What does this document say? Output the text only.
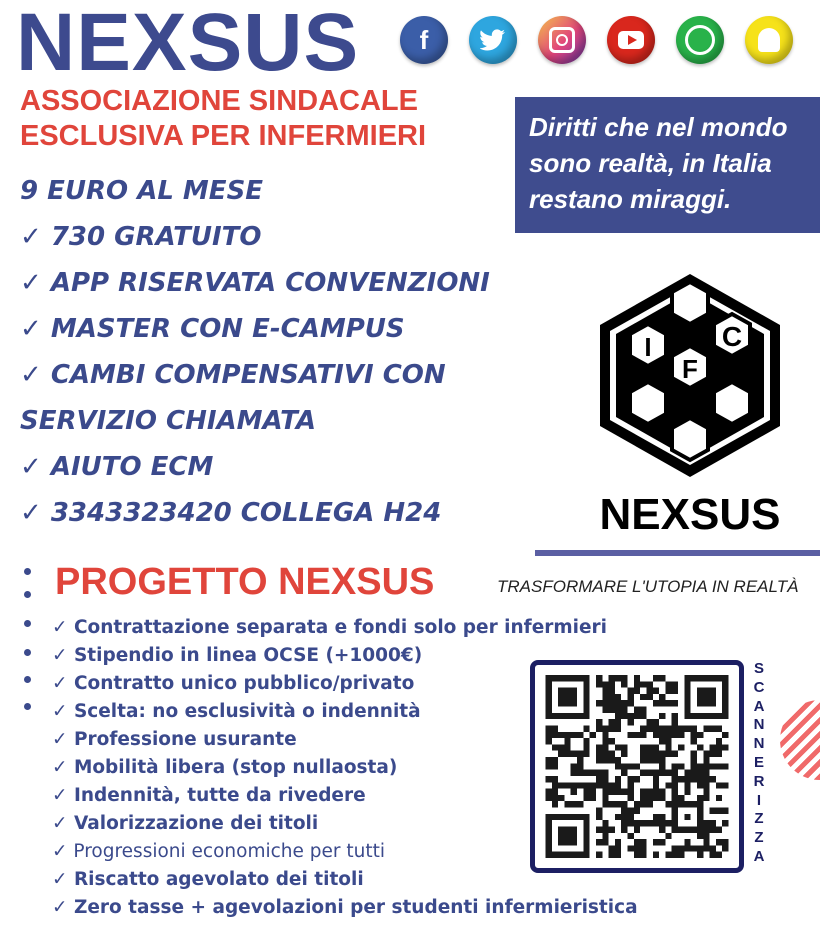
NEXSUS f
ASSOCIAZIONE SINDACALE
ESCLUSIVA PER INFERMIERI	Diritti che nel mondo
sono realtà, in Italia
restano miraggi.
9 EURO AL MESE
✓ 730 GRATUITO
✓ APP RISERVATA CONVENZIONI
✓ MASTER CON E-CAMPUS
✓ CAMBI COMPENSATIVI CON
SERVIZIO CHIAMATA
✓ AIUTO ECM
✓ 3343323420 COLLEGA H24
I	C
F
NEXSUS
PROGETTO NEXSUS	TRASFORMARE L'UTOPIA IN REALTÀ
✓ Contrattazione separata e fondi solo per infermieri
✓ Stipendio in linea OCSE (+1000€)
✓ Contratto unico pubblico/privato
✓ Scelta: no esclusività o indennità
✓ Professione usurante
✓ Mobilità libera (stop nullaosta)
✓ Indennità, tutte da rivedere
✓ Valorizzazione dei titoli
✓ Progressioni economiche per tutti
✓ Riscatto agevolato dei titoli
✓ Zero tasse + agevolazioni per studenti infermieristica
S
C
A
N
N
E
R
I
Z
Z
A
